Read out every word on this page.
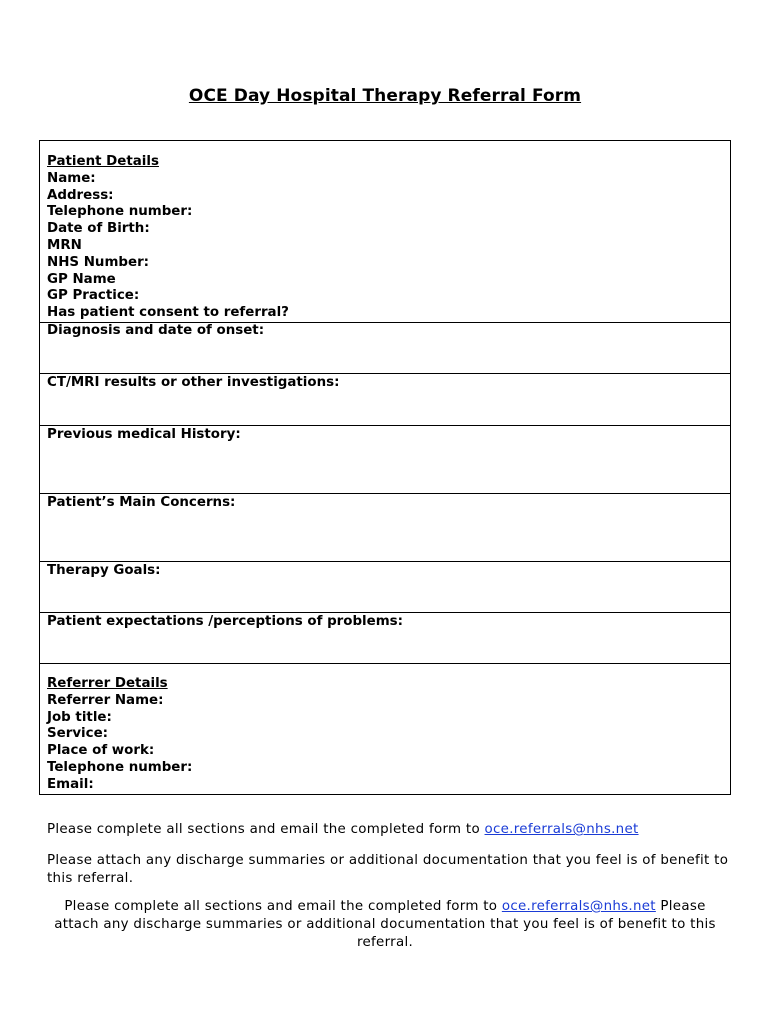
OCE Day Hospital Therapy Referral Form
Patient Details
Name:
Address:
Telephone number:
Date of Birth:
MRN
NHS Number:
GP Name
GP Practice:
Has patient consent to referral?
Diagnosis and date of onset:
CT/MRI results or other investigations:
Previous medical History:
Patient’s Main Concerns:
Therapy Goals:
Patient expectations /perceptions of problems:
Referrer Details
Referrer Name:
Job title:
Service:
Place of work:
Telephone number:
Email:
Please complete all sections and email the completed form to oce.referrals@nhs.net
Please attach any discharge summaries or additional documentation that you feel is of benefit to this referral.
Please complete all sections and email the completed form to oce.referrals@nhs.net Please attach any discharge summaries or additional documentation that you feel is of benefit to this referral.
